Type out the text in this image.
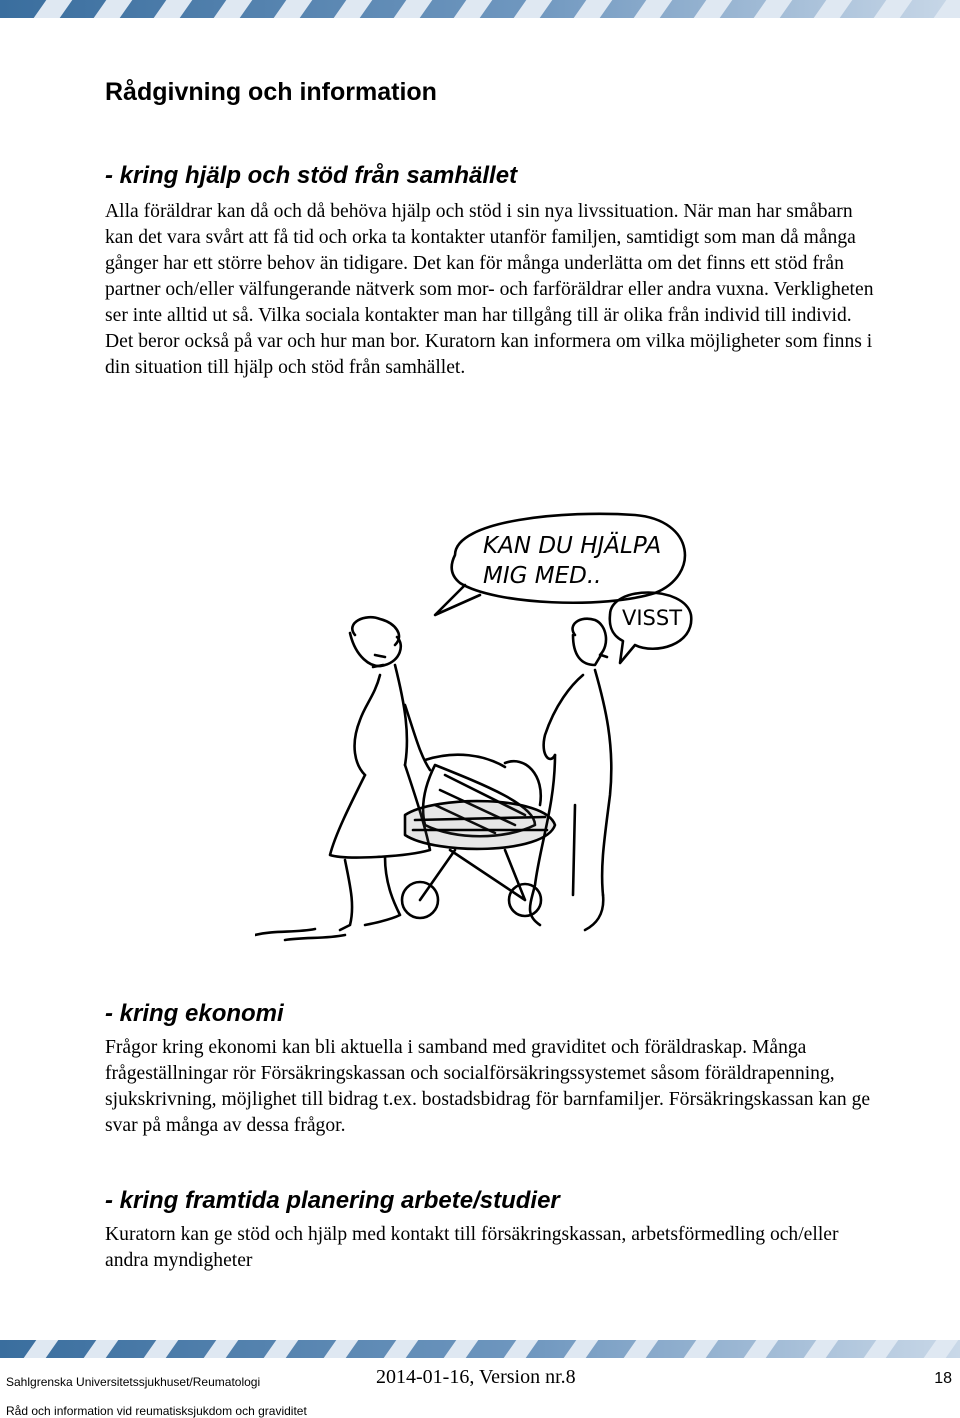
Rådgivning och information
- kring hjälp och stöd från samhället

Alla föräldrar kan då och då behöva hjälp och stöd i sin nya livssituation. När man har småbarn kan det vara svårt att få tid och orka ta kontakter utanför familjen, samtidigt som man då många gånger har ett större behov än tidigare. Det kan för många underlätta om det finns ett stöd från partner och/eller välfungerande nätverk som mor- och farföräldrar eller andra vuxna. Verkligheten ser inte alltid ut så. Vilka sociala kontakter man har tillgång till är olika från individ till individ. Det beror också på var och hur man bor. Kuratorn kan informera om vilka möjligheter som finns i din situation till hjälp och stöd från samhället.

KAN DU HJÄLPA
MIG MED..
VISST
- kring ekonomi

Frågor kring ekonomi kan bli aktuella i samband med graviditet och föräldraskap. Många frågeställningar rör Försäkringskassan och socialförsäkringssystemet såsom föräldrapenning, sjukskrivning, möjlighet till bidrag t.ex. bostadsbidrag för barnfamiljer. Försäkringskassan kan ge svar på många av dessa frågor.

- kring framtida planering arbete/studier

Kuratorn kan ge stöd och hjälp med kontakt till försäkringskassan, arbetsförmedling och/eller andra myndigheter

Sahlgrenska Universitetssjukhuset/Reumatologi	2014-01-16, Version nr.8	18
Råd och information vid reumatisksjukdom och graviditet
